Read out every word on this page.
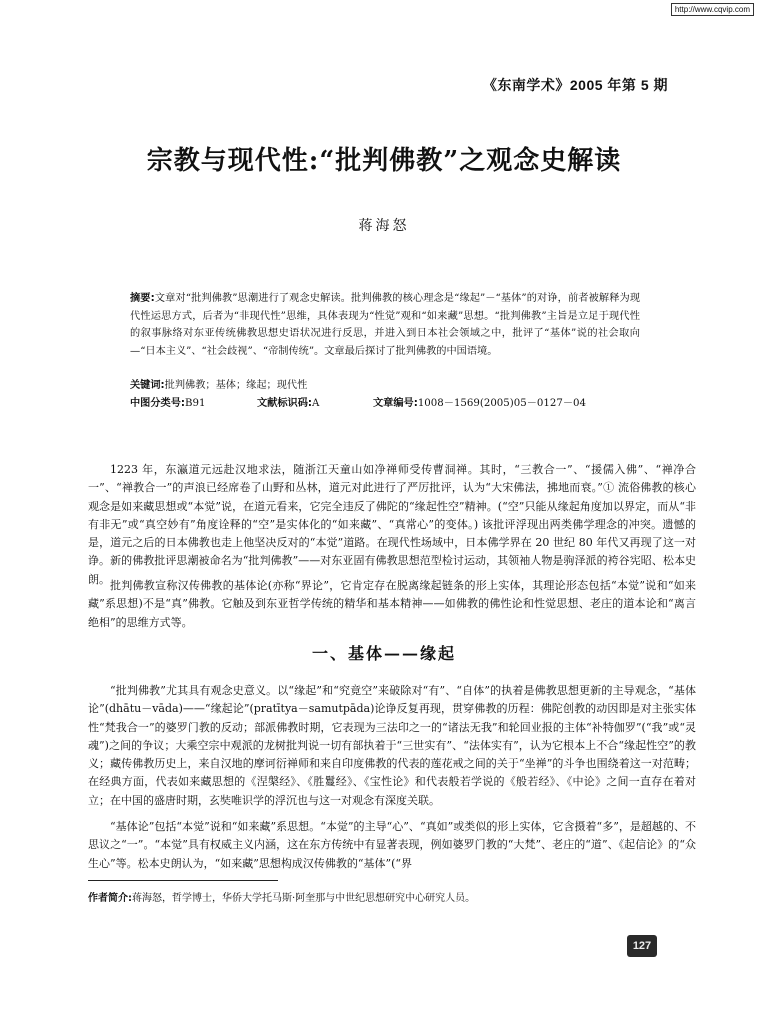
http://www.cqvip.com
《东南学术》2005 年第 5 期
宗教与现代性:“批判佛教”之观念史解读
蒋海怒
摘要:文章对“批判佛教”思潮进行了观念史解读。批判佛教的核心理念是“缘起”－“基体”的对诤，前者被解释为现代性运思方式，后者为“非现代性”思维，具体表现为“性觉”观和“如来藏”思想。“批判佛教”主旨是立足于现代性的叙事脉络对东亚传统佛教思想史语状况进行反思，并进入到日本社会领域之中，批评了“基体”说的社会取向—“日本主义”、“社会歧视”、“帝制传统”。文章最后探讨了批判佛教的中国语境。
关键词:批判佛教；基体；缘起；现代性
中图分类号:B91	文献标识码:A	文章编号:1008－1569(2005)05－0127－04

1223 年，东瀛道元远赴汉地求法，随浙江天童山如净禅师受传曹洞禅。其时，“三教合一”、“援儒入佛”、“禅净合一”、“禅教合一”的声浪已经席卷了山野和丛林，道元对此进行了严厉批评，认为“大宋佛法，拂地而衰。”① 流俗佛教的核心观念是如来藏思想或“本觉”说，在道元看来，它完全违反了佛陀的“缘起性空”精神。(“空”只能从缘起角度加以界定，而从“非有非无”或“真空妙有”角度诠释的“空”是实体化的“如来藏”、“真常心”的变体。) 该批评浮现出两类佛学理念的冲突。遗憾的是，道元之后的日本佛教也走上他坚决反对的“本觉”道路。在现代性场域中，日本佛学界在 20 世纪 80 年代又再现了这一对诤。新的佛教批评思潮被命名为“批判佛教”——对东亚固有佛教思想范型检讨运动，其领袖人物是驹泽派的袴谷宪昭、松本史朗。 批判佛教宣称汉传佛教的基体论(亦称“界论”，它肯定存在脱离缘起链条的形上实体，其理论形态包括“本觉”说和“如来藏”系思想)不是“真”佛教。它触及到东亚哲学传统的精华和基本精神——如佛教的佛性论和性觉思想、老庄的道本论和“离言绝相”的思维方式等。

一、基体——缘起

“批判佛教”尤其具有观念史意义。以“缘起”和“究竟空”来破除对“有”、“自体”的执着是佛教思想更新的主导观念，“基体论”(dhātu－vāda)——“缘起论”(pratītya－samutpāda)论诤反复再现，贯穿佛教的历程：佛陀创教的动因即是对主张实体性“梵我合一”的婆罗门教的反动；部派佛教时期，它表现为三法印之一的“诸法无我”和轮回业报的主体“补特伽罗”(“我”或“灵魂”)之间的争议；大乘空宗中观派的龙树批判说一切有部执着于“三世实有”、“法体实有”，认为它根本上不合“缘起性空”的教义；藏传佛教历史上，来自汉地的摩诃衍禅师和来自印度佛教的代表的莲花戒之间的关于“坐禅”的斗争也围绕着这一对范畴；在经典方面，代表如来藏思想的《涅槃经》、《胜鬘经》、《宝性论》和代表般若学说的《般若经》、《中论》之间一直存在着对立；在中国的盛唐时期，玄奘唯识学的浮沉也与这一对观念有深度关联。

“基体论”包括“本觉”说和“如来藏”系思想。“本觉”的主导“心”、“真如”或类似的形上实体，它含摄着“多”，是超越的、不思议之“一”。“本觉”具有权威主义内涵，这在东方传统中有显著表现，例如婆罗门教的“大梵”、老庄的“道”、《起信论》的“众生心”等。松本史朗认为，“如来藏”思想构成汉传佛教的“基体”(“界

作者简介:蒋海怒，哲学博士，华侨大学托马斯·阿奎那与中世纪思想研究中心研究人员。
127
